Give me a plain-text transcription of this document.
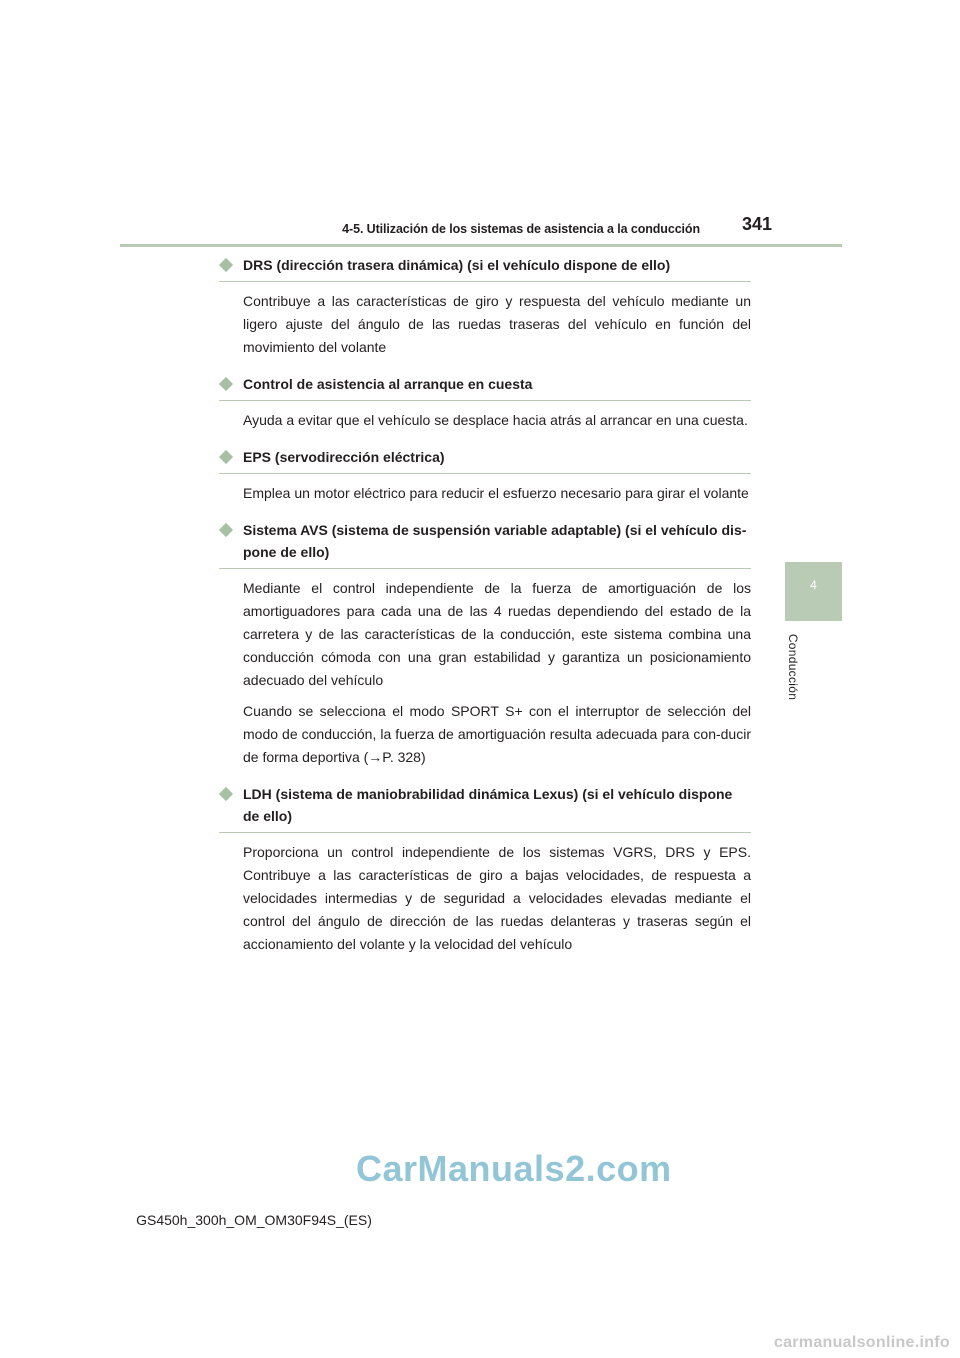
4-5. Utilización de los sistemas de asistencia a la conducción	341
4
Conducción
DRS (dirección trasera dinámica) (si el vehículo dispone de ello)

Contribuye a las características de giro y respuesta del vehículo mediante un ligero ajuste del ángulo de las ruedas traseras del vehículo en función del movimiento del volante

Control de asistencia al arranque en cuesta

Ayuda a evitar que el vehículo se desplace hacia atrás al arrancar en una cuesta.

EPS (servodirección eléctrica)

Emplea un motor eléctrico para reducir el esfuerzo necesario para girar el volante

Sistema AVS (sistema de suspensión variable adaptable) (si el vehículo dis-pone de ello)

Mediante el control independiente de la fuerza de amortiguación de los amortiguadores para cada una de las 4 ruedas dependiendo del estado de la carretera y de las características de la conducción, este sistema combina una conducción cómoda con una gran estabilidad y garantiza un posicionamiento adecuado del vehículo

Cuando se selecciona el modo SPORT S+ con el interruptor de selección del modo de conducción, la fuerza de amortiguación resulta adecuada para con-ducir de forma deportiva (→P. 328)

LDH (sistema de maniobrabilidad dinámica Lexus) (si el vehículo dispone de ello)

Proporciona un control independiente de los sistemas VGRS, DRS y EPS. Contribuye a las características de giro a bajas velocidades, de respuesta a velocidades intermedias y de seguridad a velocidades elevadas mediante el control del ángulo de dirección de las ruedas delanteras y traseras según el accionamiento del volante y la velocidad del vehículo

CarManuals2.com
GS450h_300h_OM_OM30F94S_(ES)
carmanualsonline.info
